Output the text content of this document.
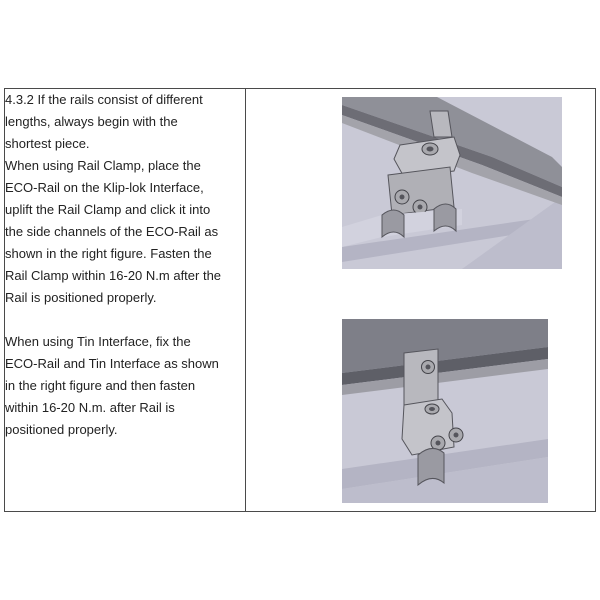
4.3.2 If the rails consist of different
lengths, always begin with the
shortest piece.
When using Rail Clamp, place the
ECO-Rail on the Klip-lok Interface,
uplift the Rail Clamp and click it into
the side channels of the ECO-Rail as
shown in the right figure. Fasten the
Rail Clamp within 16-20 N.m after the
Rail is positioned properly.

When using Tin Interface, fix the
ECO-Rail and Tin Interface as shown
in the right figure and then fasten
within 16-20 N.m. after Rail is
positioned properly.
